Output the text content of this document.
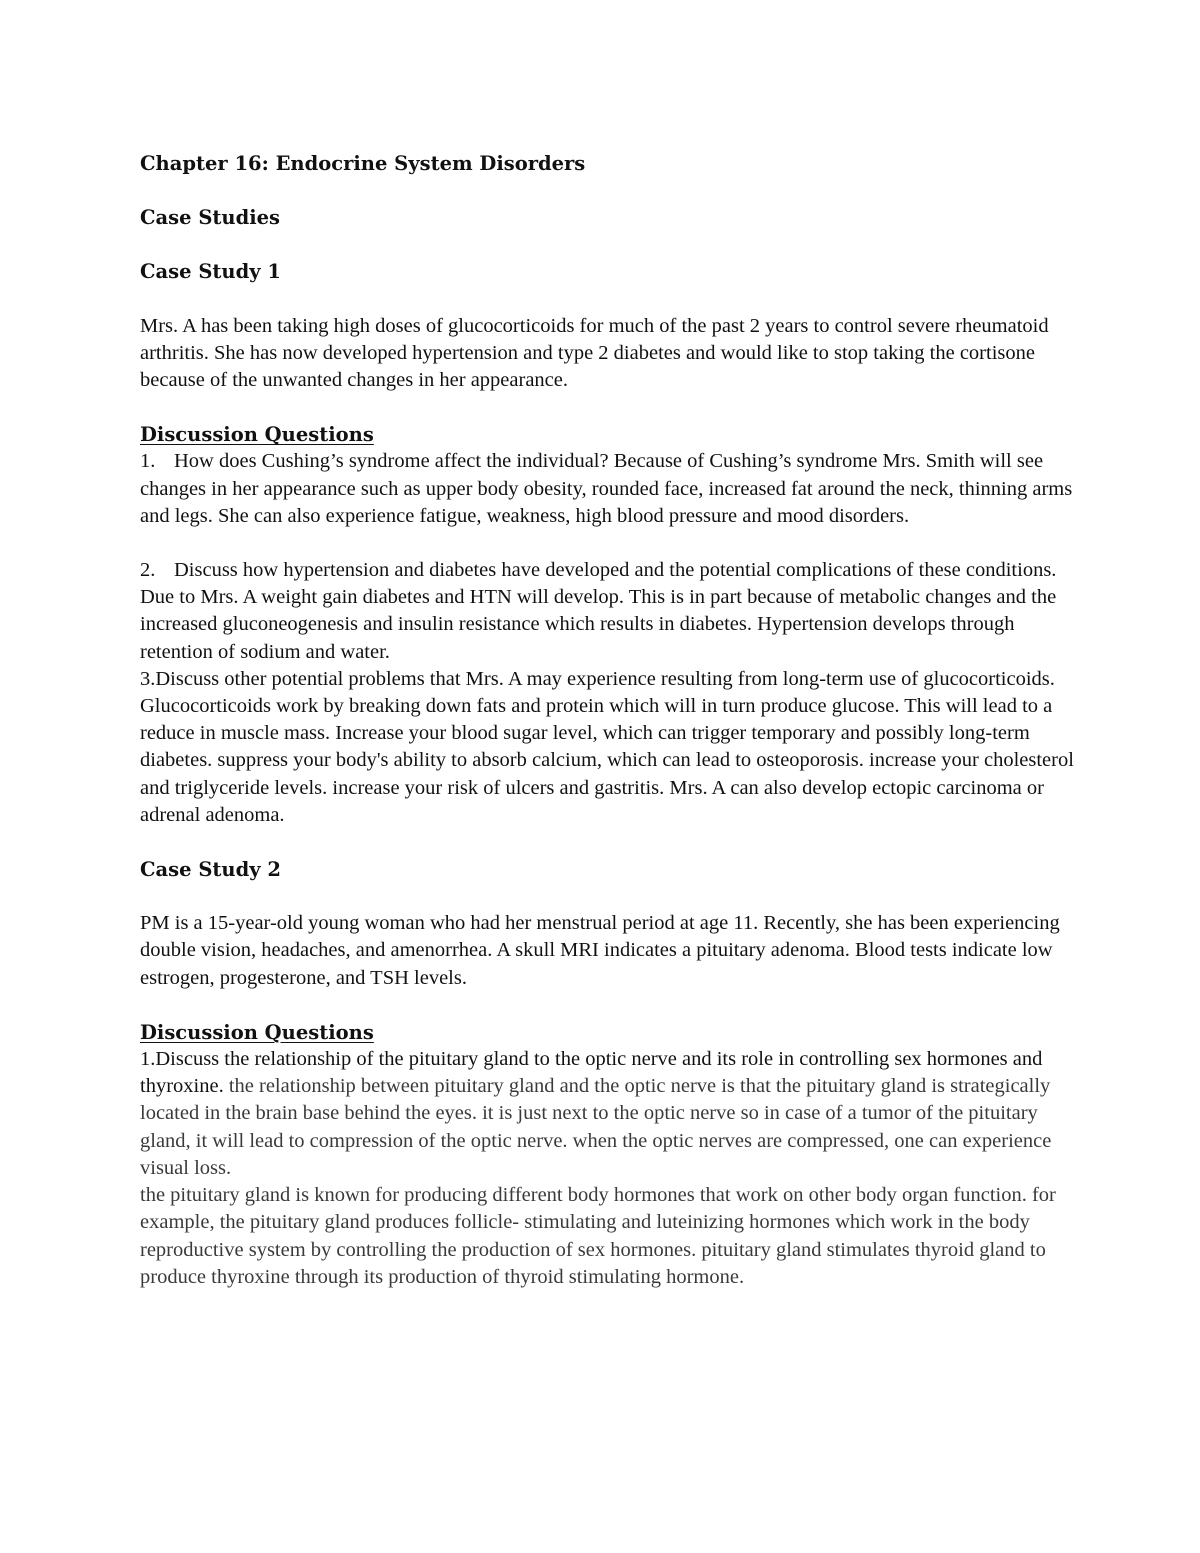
Chapter 16: Endocrine System Disorders

Case Studies

Case Study 1

Mrs. A has been taking high doses of glucocorticoids for much of the past 2 years to control severe rheumatoid arthritis. She has now developed hypertension and type 2 diabetes and would like to stop taking the cortisone because of the unwanted changes in her appearance.

Discussion Questions

1. How does Cushing’s syndrome affect the individual? Because of Cushing’s syndrome Mrs. Smith will see changes in her appearance such as upper body obesity, rounded face, increased fat around the neck, thinning arms and legs. She can also experience fatigue, weakness, high blood pressure and mood disorders.

2. Discuss how hypertension and diabetes have developed and the potential complications of these conditions. Due to Mrs. A weight gain diabetes and HTN will develop. This is in part because of metabolic changes and the increased gluconeogenesis and insulin resistance which results in diabetes. Hypertension develops through retention of sodium and water.

3.Discuss other potential problems that Mrs. A may experience resulting from long-term use of glucocorticoids. Glucocorticoids work by breaking down fats and protein which will in turn produce glucose. This will lead to a reduce in muscle mass. Increase your blood sugar level, which can trigger temporary and possibly long-term diabetes. suppress your body's ability to absorb calcium, which can lead to osteoporosis. increase your cholesterol and triglyceride levels. increase your risk of ulcers and gastritis. Mrs. A can also develop ectopic carcinoma or adrenal adenoma.

Case Study 2

PM is a 15-year-old young woman who had her menstrual period at age 11. Recently, she has been experiencing double vision, headaches, and amenorrhea. A skull MRI indicates a pituitary adenoma. Blood tests indicate low estrogen, progesterone, and TSH levels.

Discussion Questions

1.Discuss the relationship of the pituitary gland to the optic nerve and its role in controlling sex hormones and thyroxine. the relationship between pituitary gland and the optic nerve is that the pituitary gland is strategically located in the brain base behind the eyes. it is just next to the optic nerve so in case of a tumor of the pituitary gland, it will lead to compression of the optic nerve. when the optic nerves are compressed, one can experience visual loss.

the pituitary gland is known for producing different body hormones that work on other body organ function. for example, the pituitary gland produces follicle- stimulating and luteinizing hormones which work in the body reproductive system by controlling the production of sex hormones. pituitary gland stimulates thyroid gland to produce thyroxine through its production of thyroid stimulating hormone.
